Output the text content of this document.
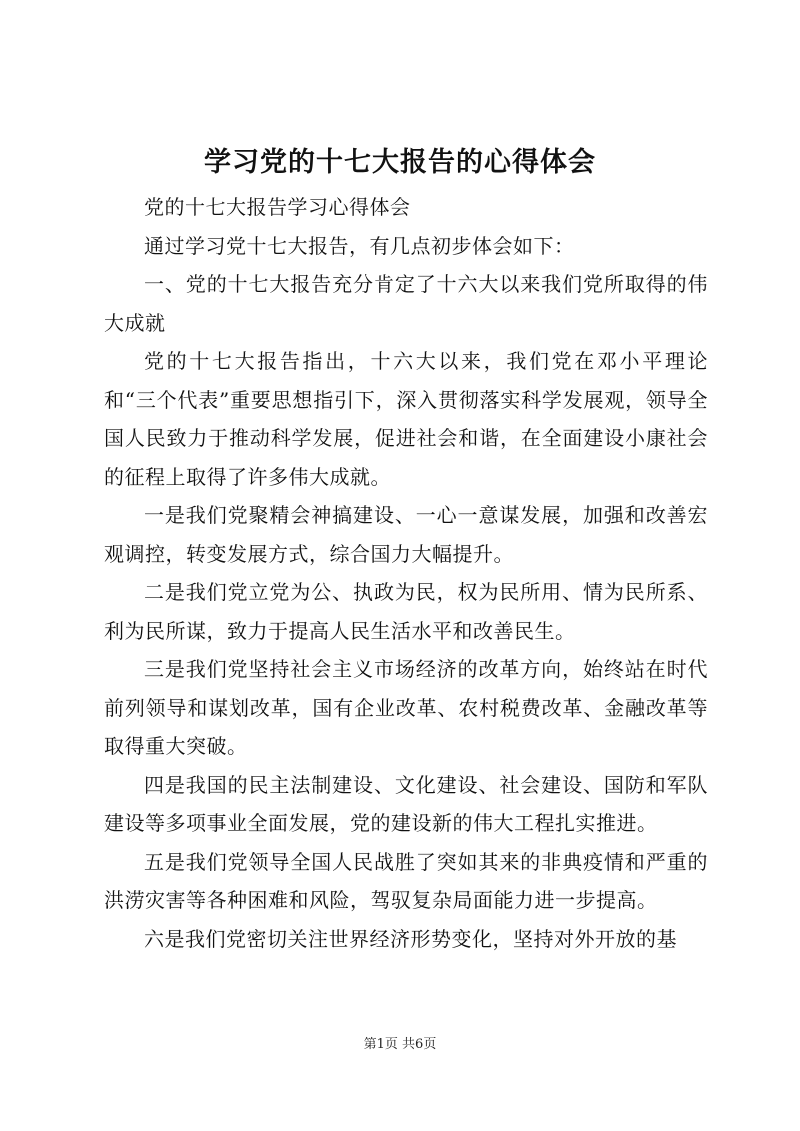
学习党的十七大报告的心得体会

党的十七大报告学习心得体会

通过学习党十七大报告，有几点初步体会如下：

一、党的十七大报告充分肯定了十六大以来我们党所取得的伟大成就

党的十七大报告指出，十六大以来，我们党在邓小平理论和“三个代表”重要思想指引下，深入贯彻落实科学发展观，领导全国人民致力于推动科学发展，促进社会和谐，在全面建设小康社会的征程上取得了许多伟大成就。

一是我们党聚精会神搞建设、一心一意谋发展，加强和改善宏观调控，转变发展方式，综合国力大幅提升。

二是我们党立党为公、执政为民，权为民所用、情为民所系、利为民所谋，致力于提高人民生活水平和改善民生。

三是我们党坚持社会主义市场经济的改革方向，始终站在时代前列领导和谋划改革，国有企业改革、农村税费改革、金融改革等取得重大突破。

四是我国的民主法制建设、文化建设、社会建设、国防和军队建设等多项事业全面发展，党的建设新的伟大工程扎实推进。

五是我们党领导全国人民战胜了突如其来的非典疫情和严重的洪涝灾害等各种困难和风险，驾驭复杂局面能力进一步提高。

六是我们党密切关注世界经济形势变化，坚持对外开放的基

第1页 共6页
